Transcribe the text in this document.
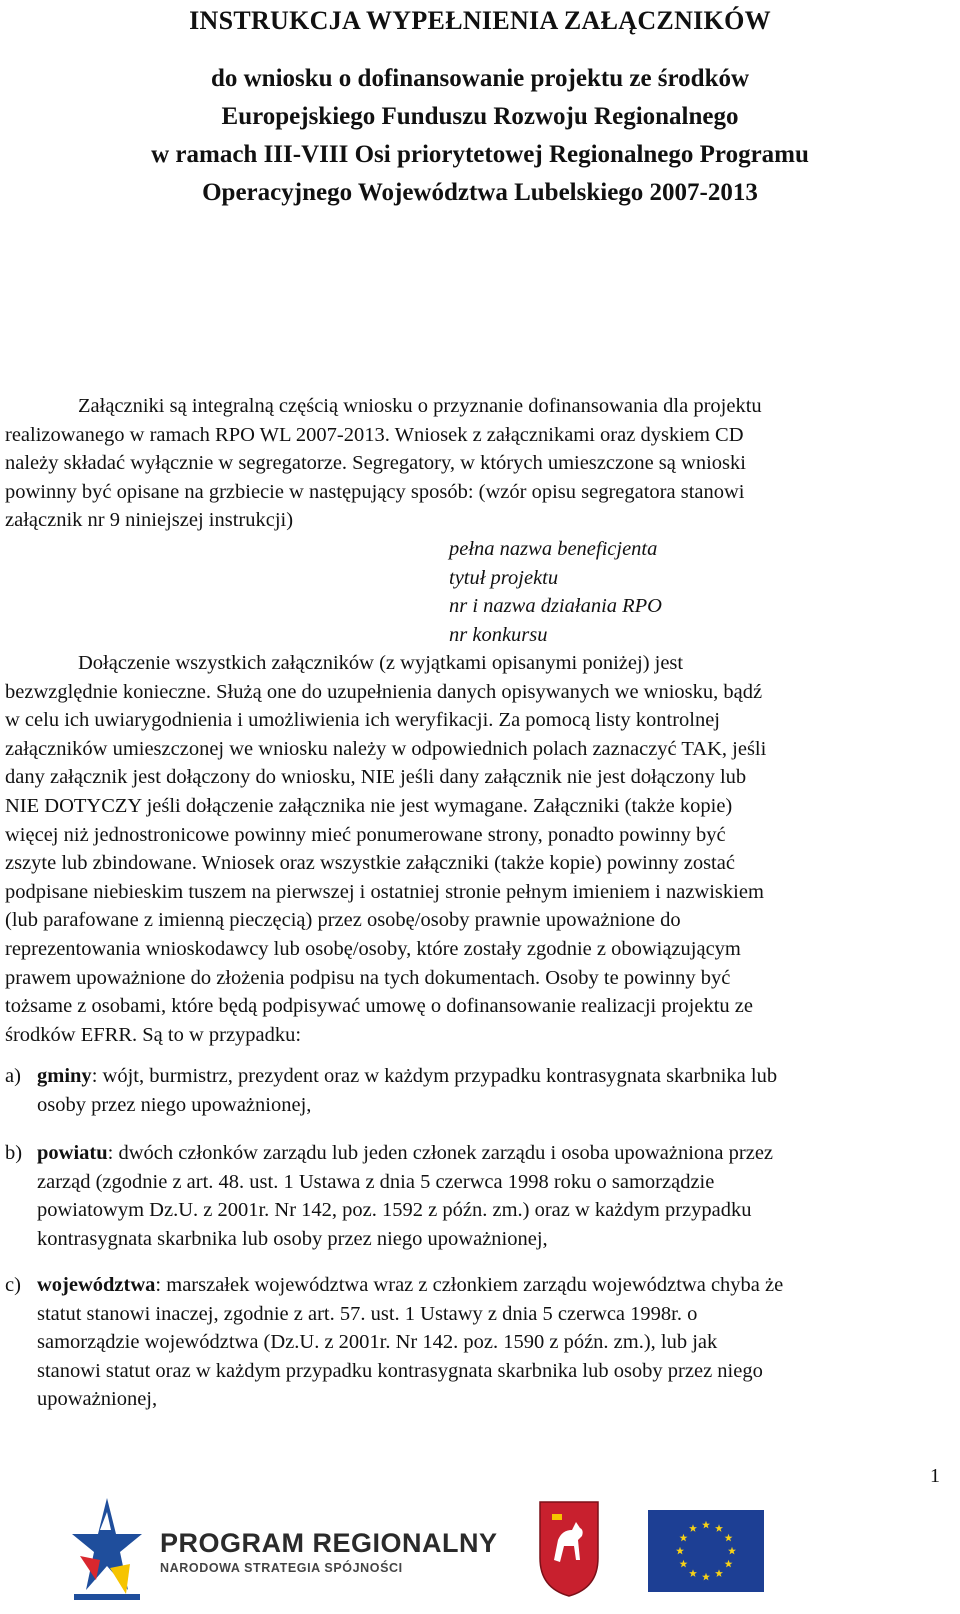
INSTRUKCJA WYPEŁNIENIA ZAŁĄCZNIKÓW
do wniosku o dofinansowanie projektu ze środków
Europejskiego Funduszu Rozwoju Regionalnego
w ramach III-VIII Osi priorytetowej Regionalnego Programu
Operacyjnego Województwa Lubelskiego 2007-2013
Załączniki są integralną częścią wniosku o przyznanie dofinansowania dla projektu
realizowanego w ramach RPO WL 2007-2013. Wniosek z załącznikami oraz dyskiem CD
należy składać wyłącznie w segregatorze. Segregatory, w których umieszczone są wnioski
powinny być opisane na grzbiecie w następujący sposób: (wzór opisu segregatora stanowi
załącznik nr 9 niniejszej instrukcji)
pełna nazwa beneficjenta
tytuł projektu
nr i nazwa działania RPO
nr konkursu
Dołączenie wszystkich załączników (z wyjątkami opisanymi poniżej) jest
bezwzględnie konieczne. Służą one do uzupełnienia danych opisywanych we wniosku, bądź
w celu ich uwiarygodnienia i umożliwienia ich weryfikacji. Za pomocą listy kontrolnej
załączników umieszczonej we wniosku należy w odpowiednich polach zaznaczyć TAK, jeśli
dany załącznik jest dołączony do wniosku, NIE jeśli dany załącznik nie jest dołączony lub
NIE DOTYCZY jeśli dołączenie załącznika nie jest wymagane. Załączniki (także kopie)
więcej niż jednostronicowe powinny mieć ponumerowane strony, ponadto powinny być
zszyte lub zbindowane. Wniosek oraz wszystkie załączniki (także kopie) powinny zostać
podpisane niebieskim tuszem na pierwszej i ostatniej stronie pełnym imieniem i nazwiskiem
(lub parafowane z imienną pieczęcią) przez osobę/osoby prawnie upoważnione do
reprezentowania wnioskodawcy lub osobę/osoby, które zostały zgodnie z obowiązującym
prawem upoważnione do złożenia podpisu na tych dokumentach. Osoby te powinny być
tożsame z osobami, które będą podpisywać umowę o dofinansowanie realizacji projektu ze
środków EFRR. Są to w przypadku:
a) gminy: wójt, burmistrz, prezydent oraz w każdym przypadku kontrasygnata skarbnika lub
osoby przez niego upoważnionej,
b) powiatu: dwóch członków zarządu lub jeden członek zarządu i osoba upoważniona przez
zarząd (zgodnie z art. 48. ust. 1 Ustawa z dnia 5 czerwca 1998 roku o samorządzie
powiatowym Dz.U. z 2001r. Nr 142, poz. 1592 z późn. zm.) oraz w każdym przypadku
kontrasygnata skarbnika lub osoby przez niego upoważnionej,
c) województwa: marszałek województwa wraz z członkiem zarządu województwa chyba że
statut stanowi inaczej, zgodnie z art. 57. ust. 1 Ustawy z dnia 5 czerwca 1998r. o
samorządzie województwa (Dz.U. z 2001r. Nr 142. poz. 1590 z późn. zm.), lub jak
stanowi statut oraz w każdym przypadku kontrasygnata skarbnika lub osoby przez niego
upoważnionej,
1
PROGRAM REGIONALNY
NARODOWA STRATEGIA SPÓJNOŚCI
